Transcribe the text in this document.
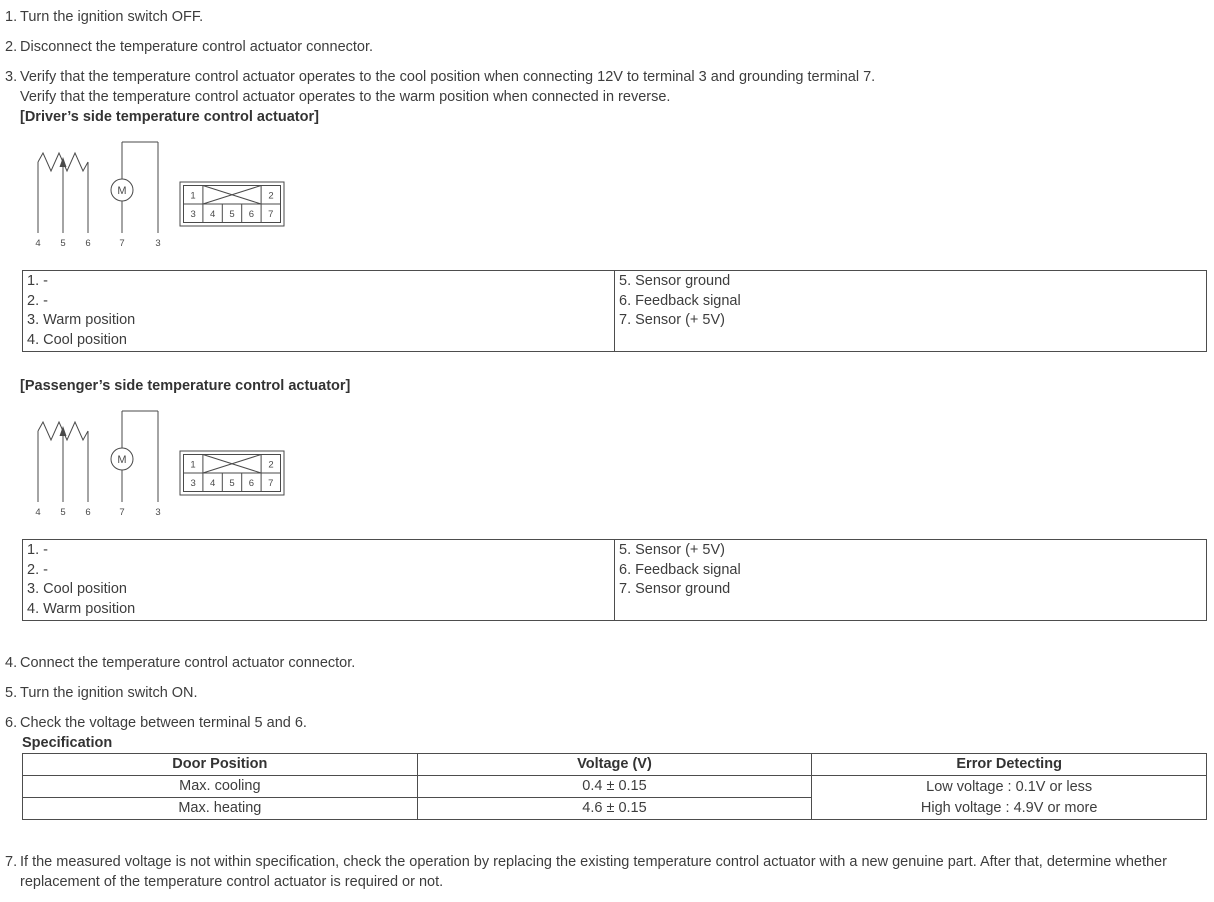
1. Turn the ignition switch OFF.
2. Disconnect the temperature control actuator connector.
3. Verify that the temperature control actuator operates to the cool position when connecting 12V to terminal 3 and grounding terminal 7.
Verify that the temperature control actuator operates to the warm position when connected in reverse.
[Driver’s side temperature control actuator]
4 5 6	7	3
M	1	2
3 4 5 6 7
1. -
2. -
3. Warm position
4. Cool position

5. Sensor ground
6. Feedback signal
7. Sensor (+ 5V)
[Passenger’s side temperature control actuator]
4 5 6	7	3
M	1	2
3 4 5 6 7
1. -
2. -
3. Cool position
4. Warm position

5. Sensor (+ 5V)
6. Feedback signal
7. Sensor ground
4. Connect the temperature control actuator connector.
5. Turn the ignition switch ON.
6. Check the voltage between terminal 5 and 6.
Specification
Door Position	Voltage (V)	Error Detecting
Max. cooling	0.4 ± 0.15	Low voltage : 0.1V or less
High voltage : 4.9V or more

Max. heating	4.6 ± 0.15	
7. If the measured voltage is not within specification, check the operation by replacing the existing temperature control actuator with a new genuine part. After that, determine whether replacement of the temperature control actuator is required or not.
